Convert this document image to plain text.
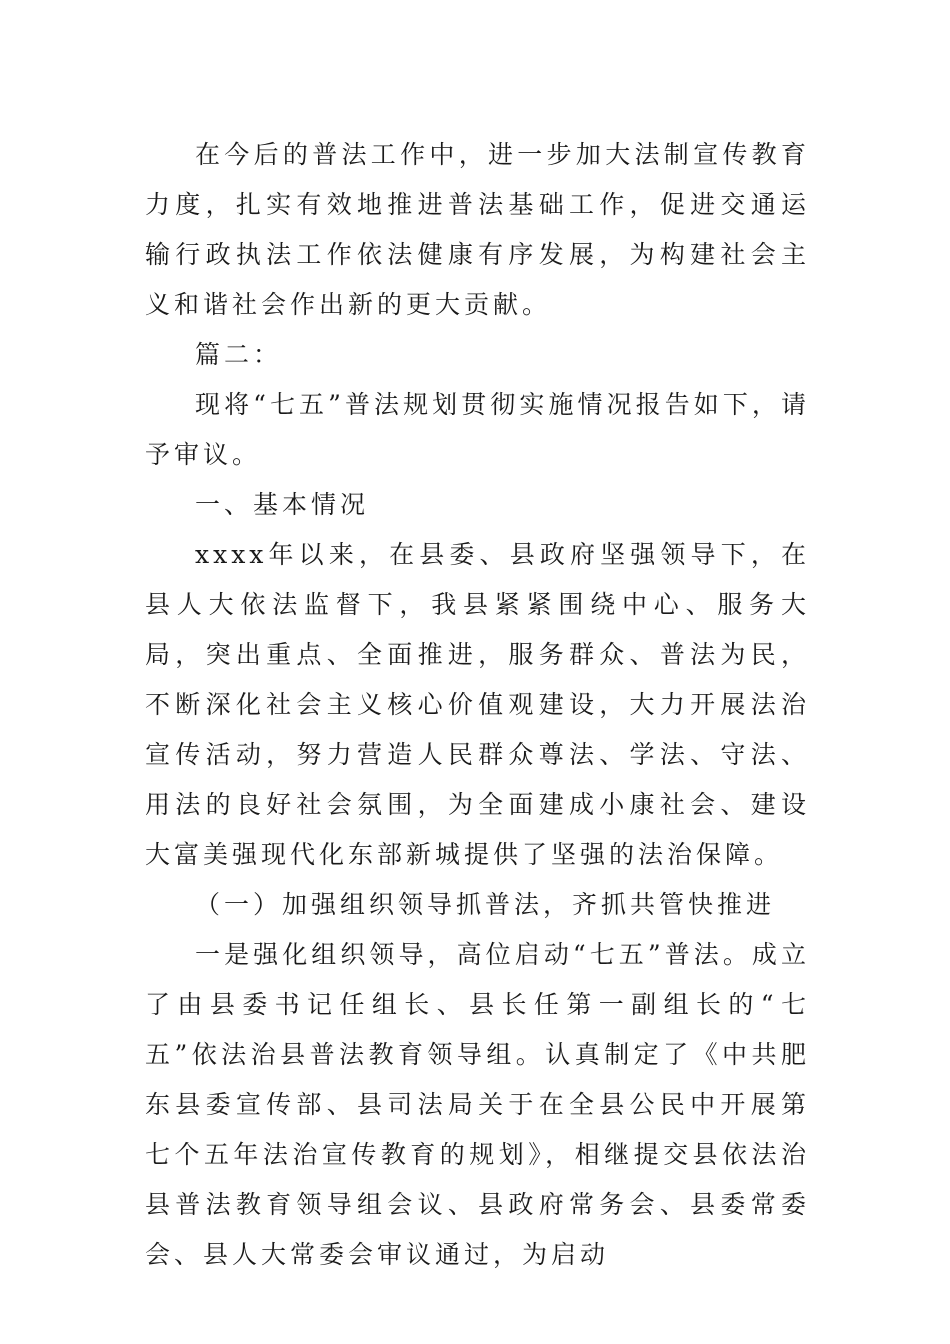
在今后的普法工作中，进一步加大法制宣传教育力度，扎实有效地推进普法基础工作，促进交通运输行政执法工作依法健康有序发展，为构建社会主义和谐社会作出新的更大贡献。

篇二：

现将“七五”普法规划贯彻实施情况报告如下，请予审议。

一、基本情况

xxxx年以来，在县委、县政府坚强领导下，在县人大依法监督下，我县紧紧围绕中心、服务大局，突出重点、全面推进，服务群众、普法为民，不断深化社会主义核心价值观建设，大力开展法治宣传活动，努力营造人民群众尊法、学法、守法、用法的良好社会氛围，为全面建成小康社会、建设大富美强现代化东部新城提供了坚强的法治保障。

（一）加强组织领导抓普法，齐抓共管快推进

一是强化组织领导，高位启动“七五”普法。成立了由县委书记任组长、县长任第一副组长的“七五”依法治县普法教育领导组。认真制定了《中共肥东县委宣传部、县司法局关于在全县公民中开展第七个五年法治宣传教育的规划》，相继提交县依法治县普法教育领导组会议、县政府常务会、县委常委会、县人大常委会审议通过，为启动
